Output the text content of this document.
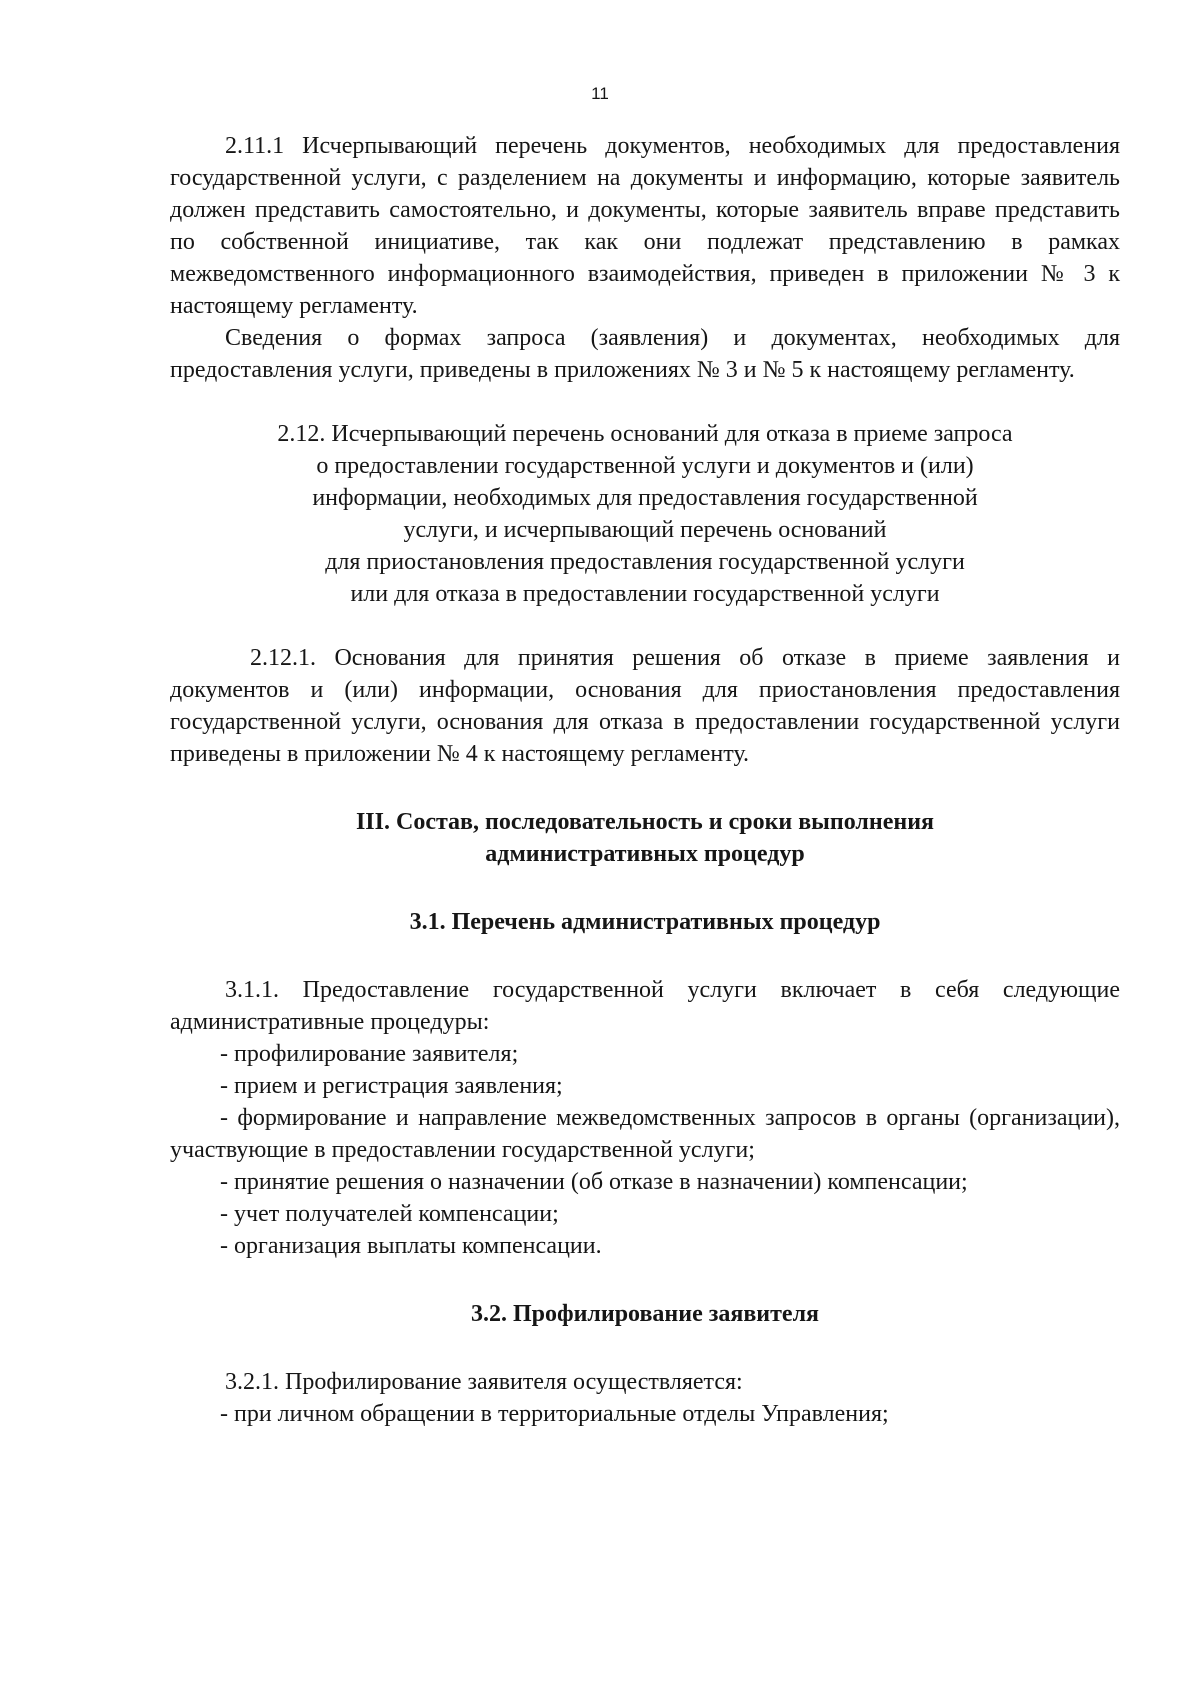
11

2.11.1 Исчерпывающий перечень документов, необходимых для предоставления государственной услуги, с разделением на документы и информацию, которые заявитель должен представить самостоятельно, и документы, которые заявитель вправе представить по собственной инициативе, так как они подлежат представлению в рамках межведомственного информационного взаимодействия, приведен в приложении № 3 к настоящему регламенту.

Сведения о формах запроса (заявления) и документах, необходимых для предоставления услуги, приведены в приложениях № 3 и № 5 к настоящему регламенту.

2.12. Исчерпывающий перечень оснований для отказа в приеме запроса
о предоставлении государственной услуги и документов и (или)
информации, необходимых для предоставления государственной
услуги, и исчерпывающий перечень оснований
для приостановления предоставления государственной услуги
или для отказа в предоставлении государственной услуги

2.12.1. Основания для принятия решения об отказе в приеме заявления и документов и (или) информации, основания для приостановления предоставления государственной услуги, основания для отказа в предоставлении государственной услуги приведены в приложении № 4 к настоящему регламенту.

III. Состав, последовательность и сроки выполнения

административных процедур

3.1. Перечень административных процедур

3.1.1. Предоставление государственной услуги включает в себя следующие административные процедуры:

- профилирование заявителя;
- прием и регистрация заявления;
- формирование и направление межведомственных запросов в органы (организации), участвующие в предоставлении государственной услуги;
- принятие решения о назначении (об отказе в назначении) компенсации;
- учет получателей компенсации;
- организация выплаты компенсации.

3.2. Профилирование заявителя

3.2.1. Профилирование заявителя осуществляется:

- при личном обращении в территориальные отделы Управления;
